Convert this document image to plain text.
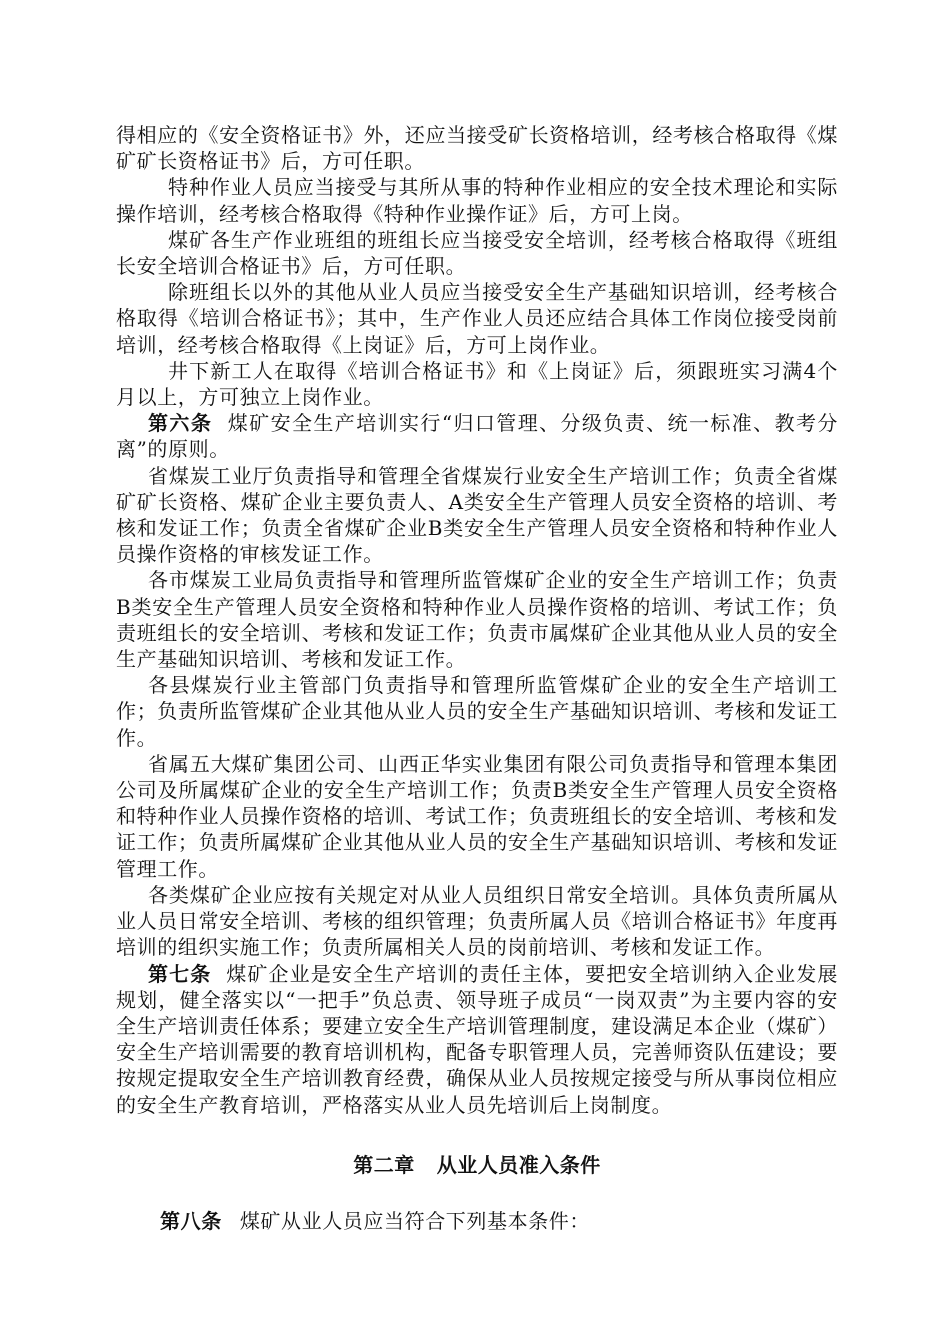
得相应的《安全资格证书》外，还应当接受矿长资格培训，经考核合格取得《煤矿矿长资格证书》后，方可任职。

特种作业人员应当接受与其所从事的特种作业相应的安全技术理论和实际操作培训，经考核合格取得《特种作业操作证》后，方可上岗。

煤矿各生产作业班组的班组长应当接受安全培训，经考核合格取得《班组长安全培训合格证书》后，方可任职。

除班组长以外的其他从业人员应当接受安全生产基础知识培训，经考核合格取得《培训合格证书》；其中，生产作业人员还应结合具体工作岗位接受岗前培训，经考核合格取得《上岗证》后，方可上岗作业。

井下新工人在取得《培训合格证书》和《上岗证》后，须跟班实习满4个月以上，方可独立上岗作业。

第六条 煤矿安全生产培训实行“归口管理、分级负责、统一标准、教考分离”的原则。

省煤炭工业厅负责指导和管理全省煤炭行业安全生产培训工作；负责全省煤矿矿长资格、煤矿企业主要负责人、A类安全生产管理人员安全资格的培训、考核和发证工作；负责全省煤矿企业B类安全生产管理人员安全资格和特种作业人员操作资格的审核发证工作。

各市煤炭工业局负责指导和管理所监管煤矿企业的安全生产培训工作；负责B类安全生产管理人员安全资格和特种作业人员操作资格的培训、考试工作；负责班组长的安全培训、考核和发证工作；负责市属煤矿企业其他从业人员的安全生产基础知识培训、考核和发证工作。

各县煤炭行业主管部门负责指导和管理所监管煤矿企业的安全生产培训工作；负责所监管煤矿企业其他从业人员的安全生产基础知识培训、考核和发证工作。

省属五大煤矿集团公司、山西正华实业集团有限公司负责指导和管理本集团公司及所属煤矿企业的安全生产培训工作；负责B类安全生产管理人员安全资格和特种作业人员操作资格的培训、考试工作；负责班组长的安全培训、考核和发证工作；负责所属煤矿企业其他从业人员的安全生产基础知识培训、考核和发证管理工作。

各类煤矿企业应按有关规定对从业人员组织日常安全培训。具体负责所属从业人员日常安全培训、考核的组织管理；负责所属人员《培训合格证书》年度再培训的组织实施工作；负责所属相关人员的岗前培训、考核和发证工作。

第七条 煤矿企业是安全生产培训的责任主体，要把安全培训纳入企业发展规划，健全落实以“一把手”负总责、领导班子成员“一岗双责”为主要内容的安全生产培训责任体系；要建立安全生产培训管理制度，建设满足本企业（煤矿）安全生产培训需要的教育培训机构，配备专职管理人员，完善师资队伍建设；要按规定提取安全生产培训教育经费，确保从业人员按规定接受与所从事岗位相应的安全生产教育培训，严格落实从业人员先培训后上岗制度。

第二章 从业人员准入条件

第八条 煤矿从业人员应当符合下列基本条件：
